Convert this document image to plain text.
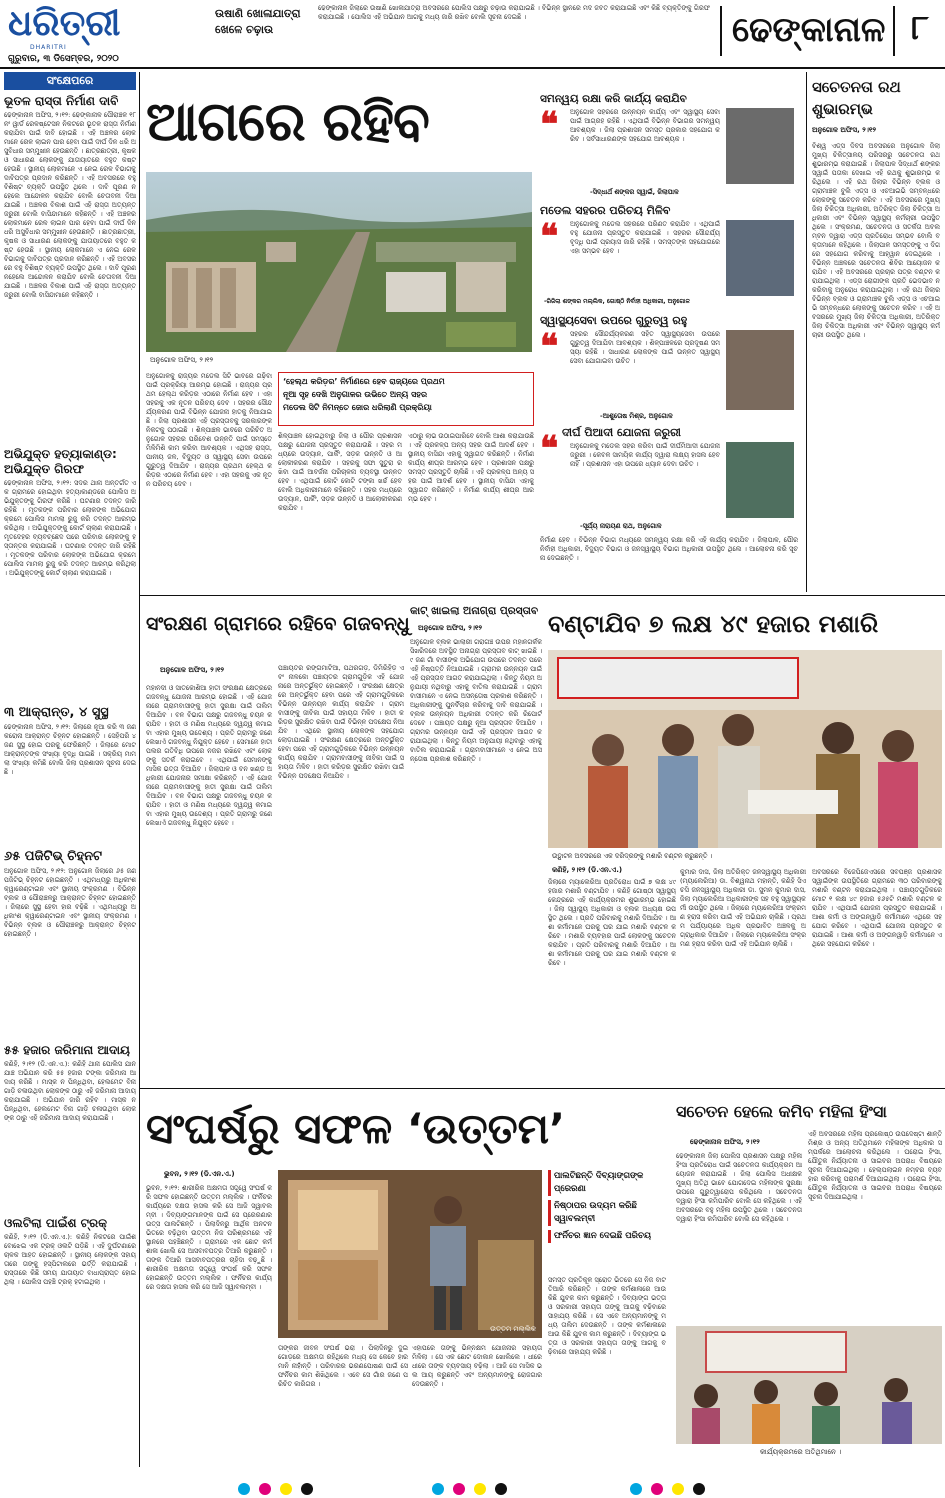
ଧରିତ୍ରୀ
DHARITRI
ଗୁରୁବାର, ୩ ଡିସେମ୍ବର, ୨୦୨୦
ଉଷାଣି ଖୋଳାଯାତ୍ରା ଖେଳେ ଚଢ଼ାଉ
ଢେଙ୍କାନାଳ ଜିଲାରେ ଉଷାଣି ଖୋଳାଯାତ୍ରା ଅବସରରେ ପୋଲିସ ପକ୍ଷରୁ ଚଢ଼ାଉ କରାଯାଇଛି । ବିଭିନ୍ନ ସ୍ଥାନରେ ମଦ ଜବତ କରାଯାଇଛି ଏବଂ କିଛି ବ୍ୟକ୍ତିଙ୍କୁ ଗିରଫ କରାଯାଇଛି । ପୋଲିସ ଏହି ଅଭିଯାନ ଆଗକୁ ମଧ୍ୟ ଜାରି ରଖିବ ବୋଲି ସୂଚନା ଦେଇଛି ।	ଢେଙ୍କାନାଳ ୮
ସଂକ୍ଷେପରେ
ଭୂତଳ ରାସ୍ତା ନିର୍ମାଣ ଦାବି
ଢେଙ୍କାନାଳ ଅଫିସ, ୨।୧୨: ଢେଙ୍କାନାଳ ପୌରାଞ୍ଚଳ ୧୮ ନଂ ୱାର୍ଡ ରେଳଷ୍ଟେସନ ନିକଟରେ ଭୂତଳ ରାସ୍ତା ନିର୍ମାଣ କରାଯିବା ପାଇଁ ଦାବି ହୋଇଛି । ଏହି ଅଞ୍ଚଳର ଲୋକମାନେ ରେଳ ଲାଇନ ପାର ହେବା ପାଇଁ ଦୀର୍ଘ ଦିନ ଧରି ଅସୁବିଧାର ସମ୍ମୁଖୀନ ହେଉଛନ୍ତି । ଛାତ୍ରଛାତ୍ରୀ, କୃଷକ ଓ ସାଧାରଣ ଲୋକଙ୍କୁ ଯାତାୟାତରେ ବହୁତ କଷ୍ଟ ହେଉଛି । ସ୍ଥାନୀୟ ଲୋକମାନେ ଏ ନେଇ ରେଳ ବିଭାଗକୁ ଦାବିପତ୍ର ପ୍ରଦାନ କରିଛନ୍ତି । ଏହି ଅବସରରେ ବହୁ ବିଶିଷ୍ଟ ବ୍ୟକ୍ତି ଉପସ୍ଥିତ ଥିଲେ । ଦାବି ପୂରଣ ନହେଲେ ଆନ୍ଦୋଳନ କରାଯିବ ବୋଲି ଚେତାବନୀ ଦିଆଯାଇଛି । ଅଞ୍ଚଳର ବିକାଶ ପାଇଁ ଏହି ରାସ୍ତା ଅତ୍ୟନ୍ତ ଜରୁରୀ ବୋଲି ବାସିନ୍ଦାମାନେ କହିଛନ୍ତି । ଏହି ଅଞ୍ଚଳର ଲୋକମାନେ ରେଳ ଲାଇନ ପାର ହେବା ପାଇଁ ଦୀର୍ଘ ଦିନ ଧରି ଅସୁବିଧାର ସମ୍ମୁଖୀନ ହେଉଛନ୍ତି । ଛାତ୍ରଛାତ୍ରୀ, କୃଷକ ଓ ସାଧାରଣ ଲୋକଙ୍କୁ ଯାତାୟାତରେ ବହୁତ କଷ୍ଟ ହେଉଛି । ସ୍ଥାନୀୟ ଲୋକମାନେ ଏ ନେଇ ରେଳ ବିଭାଗକୁ ଦାବିପତ୍ର ପ୍ରଦାନ କରିଛନ୍ତି । ଏହି ଅବସରରେ ବହୁ ବିଶିଷ୍ଟ ବ୍ୟକ୍ତି ଉପସ୍ଥିତ ଥିଲେ । ଦାବି ପୂରଣ ନହେଲେ ଆନ୍ଦୋଳନ କରାଯିବ ବୋଲି ଚେତାବନୀ ଦିଆଯାଇଛି । ଅଞ୍ଚଳର ବିକାଶ ପାଇଁ ଏହି ରାସ୍ତା ଅତ୍ୟନ୍ତ ଜରୁରୀ ବୋଲି ବାସିନ୍ଦାମାନେ କହିଛନ୍ତି ।
ଅଭିଯୁକ୍ତ ହତ୍ୟାକାଣ୍ଡ: ଅଭିଯୁକ୍ତ ଗିରଫ
ଢେଙ୍କାନାଳ ଅଫିସ, ୨।୧୨: ସଦର ଥାନା ଅନ୍ତର୍ଗତ ଏକ ଗ୍ରାମରେ ହୋଇଥିବା ହତ୍ୟାକାଣ୍ଡରେ ପୋଲିସ ଅଭିଯୁକ୍ତଙ୍କୁ ଗିରଫ କରିଛି । ଘଟଣାର ତଦନ୍ତ ଜାରି ରହିଛି । ମୃତକଙ୍କ ପରିବାର ଲୋକଙ୍କ ଅଭିଯୋଗ କ୍ରମେ ପୋଲିସ ମାମଲା ରୁଜୁ କରି ତଦନ୍ତ ଆରମ୍ଭ କରିଥିଲା । ଅଭିଯୁକ୍ତଙ୍କୁ କୋର୍ଟ ଚାଲାଣ କରାଯାଇଛି । ମୃତଦେହର ବ୍ୟବଚ୍ଛେଦ ପରେ ପରିବାର ଲୋକଙ୍କୁ ହସ୍ତାନ୍ତର କରାଯାଇଛି । ଘଟଣାର ତଦନ୍ତ ଜାରି ରହିଛି । ମୃତକଙ୍କ ପରିବାର ଲୋକଙ୍କ ଅଭିଯୋଗ କ୍ରମେ ପୋଲିସ ମାମଲା ରୁଜୁ କରି ତଦନ୍ତ ଆରମ୍ଭ କରିଥିଲା । ଅଭିଯୁକ୍ତଙ୍କୁ କୋର୍ଟ ଚାଲାଣ କରାଯାଇଛି ।
୩ ଆକ୍ରାନ୍ତ, ୪ ସୁସ୍ଥ
ଢେଙ୍କାନାଳ ଅଫିସ, ୨।୧୨: ଜିଲାରେ ନୂଆ କରି ୩ ଜଣ କରୋନା ଆକ୍ରାନ୍ତ ଚିହ୍ନଟ ହୋଇଛନ୍ତି । ସେହିପରି ୪ ଜଣ ସୁସ୍ଥ ହୋଇ ଘରକୁ ଫେରିଛନ୍ତି । ଜିଲାରେ ମୋଟ ଆକ୍ରାନ୍ତଙ୍କ ସଂଖ୍ୟା ବୃଦ୍ଧି ପାଇଛି । ସକ୍ରିୟ ମାମଲା ସଂଖ୍ୟା କମିଛି ବୋଲି ଜିଲା ପ୍ରଶାସନ ସୂଚନା ଦେଇଛି ।
୬୫ ପଜିଟିଭ୍ ଚିହ୍ନଟ
ଅନୁଗୋଳ ଅଫିସ, ୨।୧୨: ଅନୁଗୋଳ ଜିଲାରେ ୬୫ ଜଣ ପଜିଟିଭ୍ ଚିହ୍ନଟ ହୋଇଛନ୍ତି । ଏଥିମଧ୍ୟରୁ ଅଧିକାଂଶ କ୍ୱାରେଣ୍ଟାଇନ ଏବଂ ସ୍ଥାନୀୟ ସଂକ୍ରମଣ । ବିଭିନ୍ନ ବ୍ଲକ ଓ ପୌରାଞ୍ଚଳରୁ ଆକ୍ରାନ୍ତ ଚିହ୍ନଟ ହୋଇଛନ୍ତି । ଜିଲାରେ ସୁସ୍ଥ ହେବା ହାର ବଢ଼ିଛି । ଏଥିମଧ୍ୟରୁ ଅଧିକାଂଶ କ୍ୱାରେଣ୍ଟାଇନ ଏବଂ ସ୍ଥାନୀୟ ସଂକ୍ରମଣ । ବିଭିନ୍ନ ବ୍ଲକ ଓ ପୌରାଞ୍ଚଳରୁ ଆକ୍ରାନ୍ତ ଚିହ୍ନଟ ହୋଇଛନ୍ତି ।
୫୫ ହଜାର ଜରିମାନା ଆଦାୟ
କଣିହି, ୨।୧୨ (ଡି.ଏନ.ଏ.): କଣିହି ଥାନା ପୋଲିସ ଯାନ ଯାଞ୍ଚ ଅଭିଯାନ କରି ୫୫ ହଜାର ଟଙ୍କା ଜରିମାନା ଆଦାୟ କରିଛି । ମାସ୍କ ନ ପିନ୍ଧିଥିବା, ହେଲମେଟ ବିନା ଗାଡ଼ି ଚଳାଉଥିବା ଲୋକଙ୍କ ଠାରୁ ଏହି ଜରିମାନା ଆଦାୟ କରାଯାଇଛି । ଅଭିଯାନ ଜାରି ରହିବ । ମାସ୍କ ନ ପିନ୍ଧିଥିବା, ହେଲମେଟ ବିନା ଗାଡ଼ି ଚଳାଉଥିବା ଲୋକଙ୍କ ଠାରୁ ଏହି ଜରିମାନା ଆଦାୟ କରାଯାଇଛି ।
ଓଲଟିଲା ପାଇଁଶ ଟ୍ରକ୍
କଣିହି, ୨।୧୨ (ଡି.ଏନ.ଏ.): କଣିହି ନିକଟରେ ପାଇଁଶ ବୋଝେଇ ଏକ ଟ୍ରକ୍ ଓଲଟି ପଡ଼ିଛି । ଏହି ଦୁର୍ଘଟଣାରେ ଚାଳକ ଆହତ ହୋଇଛନ୍ତି । ସ୍ଥାନୀୟ ଲୋକଙ୍କ ସହାୟତାରେ ତାଙ୍କୁ ହସ୍ପିଟାଲରେ ଭର୍ତ୍ତି କରାଯାଇଛି । ରାସ୍ତାରେ କିଛି ସମୟ ଯାତାୟାତ ବାଧାପ୍ରାପ୍ତ ହୋଇଥିଲା । ପୋଲିସ ପହଞ୍ଚି ଟ୍ରକ୍ ହଟାଇଥିଲା ।
ଆଗରେ ରହିବ
ଅନୁଗୋଳ ଅଫିସ, ୨।୧୨
ଅନୁଗୋଳକୁ ରାଜ୍ୟର ମଡେଲ ସିଟି ଭାବରେ ଗଢ଼ିବା ପାଇଁ ପ୍ରକ୍ରିୟା ଆରମ୍ଭ ହୋଇଛି । ରାଜ୍ୟର ପ୍ରଥମ ହେଲ୍‌ଥ କରିଡ଼ର ଏଠାରେ ନିର୍ମାଣ ହେବ । ଏହା ସହରକୁ ଏକ ନୂତନ ପରିଚୟ ଦେବ । ସହରର ସୌନ୍ଦର୍ଯ୍ୟକରଣ ପାଇଁ ବିଭିନ୍ନ ଯୋଜନା ହାତକୁ ନିଆଯାଇଛି । ଜିଲା ପ୍ରଶାସନ ଏହି ପ୍ରସ୍ତାବକୁ ସରକାରଙ୍କ ନିକଟକୁ ପଠାଇଛି । ଶିଳ୍ପାଞ୍ଚଳ ଭାବରେ ପରିଚିତ ଅନୁଗୋଳ ସହରର ପରିବେଶ ଉନ୍ନତି ପାଇଁ ସମସ୍ତେ ମିଳିମିଶି କାମ କରିବା ଆବଶ୍ୟକ । ଏଥିସହ ରାସ୍ତା, ପାନୀୟ ଜଳ, ବିଦ୍ୟୁତ ଓ ସ୍ୱାସ୍ଥ୍ୟ ସେବା ଉପରେ ଗୁରୁତ୍ୱ ଦିଆଯିବ । ରାଜ୍ୟର ପ୍ରଥମ ହେଲ୍‌ଥ କରିଡ଼ର ଏଠାରେ ନିର୍ମାଣ ହେବ । ଏହା ସହରକୁ ଏକ ନୂତନ ପରିଚୟ ଦେବ ।
‘ହେଲ୍‌ଥ କରିଡ଼ର’ ନିର୍ମାଣରେ ହେବ ରାଜ୍ୟରେ ପ୍ରଥମ
ନୂଆ ସୃହ ଦେଖି ଅନୁଗାଳର ଉଭିତେ ଅନ୍ୟ ସହର
ମଡେଲ ସିଟି ନିମନ୍ତେ ଜୋର ଧରିଲାଣି ପ୍ରକ୍ରିୟା
ଶିଳ୍ପାଞ୍ଚଳ ହୋଇଥିବାରୁ ଜିଲା ଓ ପୌର ପ୍ରଶାସନ ପକ୍ଷରୁ ଯୋଜନା ପ୍ରସ୍ତୁତ କରାଯାଉଛି । ସହର ମଧ୍ୟରେ ଉଦ୍ୟାନ, ପାର୍କିଂ, ସଡ଼କ ଉନ୍ନତି ଓ ଆଲୋକୀକରଣ କରାଯିବ । ସହରକୁ ସଫା ସୁତୁରା ରଖିବା ପାଇଁ ଆବର୍ଜନା ପରିଚାଳନା ବ୍ୟବସ୍ଥା ଉନ୍ନତ ହେବ । ଏଥିପାଇଁ କୋଟି କୋଟି ଟଙ୍କା ଖର୍ଚ୍ଚ ହେବ ବୋଲି ଅଧିକାରୀମାନେ କହିଛନ୍ତି । ସହର ମଧ୍ୟରେ ଉଦ୍ୟାନ, ପାର୍କିଂ, ସଡ଼କ ଉନ୍ନତି ଓ ଆଲୋକୀକରଣ କରାଯିବ ।
ଏଠାରୁ ଲାଭ ଉଠାଇପାରିବେ ବୋଲି ଆଶା କରାଯାଉଛି । ଏହି ପ୍ରକଳ୍ପ ଅନ୍ୟ ସହର ପାଇଁ ଆଦର୍ଶ ହେବ । ସ୍ଥାନୀୟ ବାସିନ୍ଦା ଏହାକୁ ସ୍ୱାଗତ କରିଛନ୍ତି । ନିର୍ମାଣ କାର୍ଯ୍ୟ ଶୀଘ୍ର ଆରମ୍ଭ ହେବ । ପ୍ରଶାସନ ପକ୍ଷରୁ ସମସ୍ତ ପ୍ରସ୍ତୁତି ଚାଲିଛି । ଏହି ପ୍ରକଳ୍ପ ଅନ୍ୟ ସହର ପାଇଁ ଆଦର୍ଶ ହେବ । ସ୍ଥାନୀୟ ବାସିନ୍ଦା ଏହାକୁ ସ୍ୱାଗତ କରିଛନ୍ତି । ନିର୍ମାଣ କାର୍ଯ୍ୟ ଶୀଘ୍ର ଆରମ୍ଭ ହେବ ।
ନିର୍ମାଣ ହେବ । ବିଭିନ୍ନ ବିଭାଗ ମଧ୍ୟରେ ସମନ୍ୱୟ ରକ୍ଷା କରି ଏହି କାର୍ଯ୍ୟ କରାଯିବ । ଜିଲାପାଳ, ପୌର ନିର୍ବାହୀ ଅଧିକାରୀ, ବିଦ୍ୟୁତ ବିଭାଗ ଓ ଜନସ୍ୱାସ୍ଥ୍ୟ ବିଭାଗ ଅଧିକାରୀ ଉପସ୍ଥିତ ଥିଲେ । ଆଲୋଚନା କରି ସୂଚନା ଦେଇଛନ୍ତି ।
ସମନ୍ୱୟ ରକ୍ଷା କରି କାର୍ଯ୍ୟ କରାଯିବ
❝ ଅନୁଗୋଳ ସହରରେ ଉନ୍ନୟନ କାର୍ଯ୍ୟ ଏବଂ ସ୍ୱାସ୍ଥ୍ୟ ସେବା ପାଇଁ ଆଗ୍ରହ ରହିଛି । ଏଥିପାଇଁ ବିଭିନ୍ନ ବିଭାଗର ସମନ୍ୱୟ ଆବଶ୍ୟକ । ଜିଲା ପ୍ରଶାସନ ସମସ୍ତ ପ୍ରକାର ସହଯୋଗ କରିବ । ସର୍ବସାଧାରଣଙ୍କ ସହଯୋଗ ଆବଶ୍ୟକ ।
-ସିଦ୍ଧାର୍ଥ ଶଙ୍କର ସ୍ୱାଇଁ, ଜିଲାପାଳ
ମଡେଲ ସହରର ପରିଚୟ ମିଳିବ
❝ ଅନୁଗୋଳକୁ ମଡେଲ ସହରରେ ପରିଣତ କରାଯିବ । ଏଥିପାଇଁ ବହୁ ଯୋଜନା ପ୍ରସ୍ତୁତ କରାଯାଇଛି । ସହରର ସୌନ୍ଦର୍ଯ୍ୟ ବୃଦ୍ଧି ପାଇଁ ପ୍ରୟାସ ଜାରି ରହିଛି । ସମସ୍ତଙ୍କ ସହଯୋଗରେ ଏହା ସମ୍ଭବ ହେବ ।
-ରିଜିଲା ଶଙ୍କର ମଲ୍ଲିକ, ଗୋଷ୍ଠି ନିର୍ବାହୀ ଅଧିକାରୀ, ଅନୁଗୋଳ
ସ୍ୱାସ୍ଥ୍ୟସେବା ଉପରେ ଗୁରୁତ୍ୱ ରହୁ
❝ ସହରର ସୌନ୍ଦର୍ଯ୍ୟକରଣ ସହିତ ସ୍ୱାସ୍ଥ୍ୟସେବା ଉପରେ ଗୁରୁତ୍ୱ ଦିଆଯିବା ଆବଶ୍ୟକ । ଶିଳ୍ପାଞ୍ଚଳରେ ପ୍ରଦୂଷଣ ସମସ୍ୟା ରହିଛି । ସାଧାରଣ ଲୋକଙ୍କ ପାଇଁ ଉନ୍ନତ ସ୍ୱାସ୍ଥ୍ୟସେବା ଯୋଗାଇବା ଉଚିତ ।
-ଆଶୁତୋଷ ମିଶ୍ର, ଅନୁଗୋଳ
ଦୀର୍ଘ ପିଆଦୀ ଯୋଜନା ଜରୁରୀ
❝ ଅନୁଗୋଳକୁ ମଡେଲ ସହର କରିବା ପାଇଁ ଦୀର୍ଘମିଆଦୀ ଯୋଜନା ଜରୁରୀ । କେବଳ ସାମୟିକ କାର୍ଯ୍ୟ ଦ୍ୱାରା ଲକ୍ଷ୍ୟ ହାସଲ ହେବ ନାହିଁ । ପ୍ରଶାସନ ଏହା ଉପରେ ଧ୍ୟାନ ଦେବା ଉଚିତ ।
-ସୂର୍ଯ୍ୟ ନାରାୟଣ ରାଥ, ଅନୁଗୋଳ
ସଚେତନତା ରଥ ଶୁଭାରମ୍ଭ
ଅନୁଗୋଳ ଅଫିସ, ୨।୧୨
ବିଶ୍ୱ ଏଡ୍ସ ଦିବସ ଅବସରରେ ଅନୁଗୋଳ ଜିଲା ମୁଖ୍ୟ ଚିକିତ୍ସାଳୟ ପରିସରରୁ ସଚେତନତା ରଥ ଶୁଭାରମ୍ଭ କରାଯାଇଛି । ଜିଲାପାଳ ସିଦ୍ଧାର୍ଥ ଶଙ୍କର ସ୍ୱାଇଁ ପତାକା ଦେଖାଇ ଏହି ରଥକୁ ଶୁଭାରମ୍ଭ କରିଥିଲେ । ଏହି ରଥ ଜିଲାର ବିଭିନ୍ନ ବ୍ଲକ ଓ ଗ୍ରାମାଞ୍ଚଳ ବୁଲି ଏଡ୍ସ ଓ ଏଚଆଇଭି ସମ୍ବନ୍ଧରେ ଲୋକଙ୍କୁ ସଚେତନ କରିବ । ଏହି ଅବସରରେ ମୁଖ୍ୟ ଜିଲା ଚିକିତ୍ସା ଅଧିକାରୀ, ଅତିରିକ୍ତ ଜିଲା ଚିକିତ୍ସା ଅଧିକାରୀ ଏବଂ ବିଭିନ୍ନ ସ୍ୱାସ୍ଥ୍ୟ କର୍ମଚାରୀ ଉପସ୍ଥିତ ଥିଲେ । ସଂକ୍ରମଣ, ସଚେତନତା ଓ ସତର୍କତା ଅବଲମ୍ବନ ଦ୍ୱାରା ଏଡ୍ସ ପ୍ରତିରୋଧ ସମ୍ଭବ ବୋଲି ବକ୍ତାମାନେ କହିଥିଲେ । ଜିଲାପାଳ ସମସ୍ତଙ୍କୁ ଏ ଦିଗରେ ସହଯୋଗ କରିବାକୁ ଆହ୍ୱାନ ଦେଇଥିଲେ । ବିଭିନ୍ନ ଅଞ୍ଚଳରେ ସଚେତନତା ଶିବିର ଆୟୋଜନ କରାଯିବ । ଏହି ଅବସରରେ ପ୍ରଚାର ପତ୍ର ବଣ୍ଟନ କରାଯାଇଥିଲା । ଏଡ୍ସ ରୋଗୀଙ୍କ ପ୍ରତି ଭେଦଭାବ ନକରିବାକୁ ଅନୁରୋଧ କରାଯାଇଥିଲା । ଏହି ରଥ ଜିଲାର ବିଭିନ୍ନ ବ୍ଲକ ଓ ଗ୍ରାମାଞ୍ଚଳ ବୁଲି ଏଡ୍ସ ଓ ଏଚଆଇଭି ସମ୍ବନ୍ଧରେ ଲୋକଙ୍କୁ ସଚେତନ କରିବ । ଏହି ଅବସରରେ ମୁଖ୍ୟ ଜିଲା ଚିକିତ୍ସା ଅଧିକାରୀ, ଅତିରିକ୍ତ ଜିଲା ଚିକିତ୍ସା ଅଧିକାରୀ ଏବଂ ବିଭିନ୍ନ ସ୍ୱାସ୍ଥ୍ୟ କର୍ମଚାରୀ ଉପସ୍ଥିତ ଥିଲେ ।
ସଂରକ୍ଷଣ ଗ୍ରାମରେ ରହିବେ ଗଜବନ୍ଧୁ
ଅନୁଗୋଳ ଅଫିସ, ୨।୧୨
ମହାନଦୀ ଓ ସାତକୋଶିଆ ହାତୀ ସଂରକ୍ଷଣ କ୍ଷେତ୍ରରେ ଗଜବନ୍ଧୁ ଯୋଜନା ଆରମ୍ଭ ହୋଇଛି । ଏହି ଯୋଜନାରେ ଗ୍ରାମବାସୀଙ୍କୁ ହାତୀ ସୁରକ୍ଷା ପାଇଁ ତାଲିମ ଦିଆଯିବ । ବନ ବିଭାଗ ପକ୍ଷରୁ ଗଜବନ୍ଧୁ ଚୟନ କରାଯିବ । ହାତୀ ଓ ମଣିଷ ମଧ୍ୟରେ ଦ୍ୱନ୍ଦ୍ୱ କମାଇବା ଏହାର ମୁଖ୍ୟ ଉଦ୍ଦେଶ୍ୟ । ପ୍ରତି ଗ୍ରାମରୁ ଜଣେ ଲେଖାଏଁ ଗଜବନ୍ଧୁ ନିଯୁକ୍ତ ହେବେ । ସେମାନେ ହାତୀ ପଲର ଗତିବିଧି ଉପରେ ନଜର ରଖିବେ ଏବଂ ଲୋକଙ୍କୁ ସତର୍କ କରାଇବେ । ଏଥିପାଇଁ ସେମାନଙ୍କୁ ମାସିକ ଭତ୍ତା ଦିଆଯିବ । ଜିଲାପାଳ ଓ ବନ ଖଣ୍ଡ ଅଧିକାରୀ ଯୋଜନାର ସମୀକ୍ଷା କରିଛନ୍ତି । ଏହି ଯୋଜନାରେ ଗ୍ରାମବାସୀଙ୍କୁ ହାତୀ ସୁରକ୍ଷା ପାଇଁ ତାଲିମ ଦିଆଯିବ । ବନ ବିଭାଗ ପକ୍ଷରୁ ଗଜବନ୍ଧୁ ଚୟନ କରାଯିବ । ହାତୀ ଓ ମଣିଷ ମଧ୍ୟରେ ଦ୍ୱନ୍ଦ୍ୱ କମାଇବା ଏହାର ମୁଖ୍ୟ ଉଦ୍ଦେଶ୍ୟ । ପ୍ରତି ଗ୍ରାମରୁ ଜଣେ ଲେଖାଏଁ ଗଜବନ୍ଧୁ ନିଯୁକ୍ତ ହେବେ ।
ପଞ୍ଚାୟତର ରଙ୍ଗମାଟିଆ, ପଥରଗଡ଼, ଡିମିରିହିଡ଼ ଏବଂ ନାଳକୋ ପଞ୍ଚାୟତର ଗ୍ରାମଗୁଡ଼ିକ ଏହି ଯୋଜନାରେ ଅନ୍ତର୍ଭୁକ୍ତ ହୋଇଛନ୍ତି । ସଂରକ୍ଷଣ କ୍ଷେତ୍ରରେ ଅନ୍ତର୍ଭୁକ୍ତ ହେବା ପରେ ଏହି ଗ୍ରାମଗୁଡ଼ିକରେ ବିଭିନ୍ନ ଉନ୍ନୟନ କାର୍ଯ୍ୟ କରାଯିବ । ଗ୍ରାମବାସୀଙ୍କୁ ଜୀବିକା ପାଇଁ ସହାୟତା ମିଳିବ । ହାତୀ କରିଡ଼ର ସୁରକ୍ଷିତ ରଖିବା ପାଇଁ ବିଭିନ୍ନ ପଦକ୍ଷେପ ନିଆଯିବ । ଏଥିରେ ସ୍ଥାନୀୟ ଲୋକଙ୍କ ସହଯୋଗ ଲୋଡ଼ାଯାଇଛି । ସଂରକ୍ଷଣ କ୍ଷେତ୍ରରେ ଅନ୍ତର୍ଭୁକ୍ତ ହେବା ପରେ ଏହି ଗ୍ରାମଗୁଡ଼ିକରେ ବିଭିନ୍ନ ଉନ୍ନୟନ କାର୍ଯ୍ୟ କରାଯିବ । ଗ୍ରାମବାସୀଙ୍କୁ ଜୀବିକା ପାଇଁ ସହାୟତା ମିଳିବ । ହାତୀ କରିଡ଼ର ସୁରକ୍ଷିତ ରଖିବା ପାଇଁ ବିଭିନ୍ନ ପଦକ୍ଷେପ ନିଆଯିବ ।
କାଟ୍ ଖାଇଲା ଅନାଗ୍ରା ପ୍ରସ୍ତାବ
ଅନୁଗୋଳ ଅଫିସ, ୨।୧୨
ଅନୁଗୋଳ ବ୍ଲକ ଭାଲାରୀ ଗରାଗଞ୍ଚ ଉପର ମହାନଗର୍କକ ସିଖରିଦରେ ଅବସ୍ଥିତ ଅନାଗ୍ରା ପ୍ରସ୍ତାବ କାଟ୍ ଖାଇଛି । ୯ ଜଣ ଗାଁ ବାସୀଙ୍କ ଅଭିଯୋଗ ଉପରେ ତଦନ୍ତ ପରେ ଏହି ନିଷ୍ପତ୍ତି ନିଆଯାଇଛି । ଗ୍ରାମର ଉନ୍ନୟନ ପାଇଁ ଏହି ପ୍ରସ୍ତାବ ଆଗତ କରାଯାଇଥିଲା । କିନ୍ତୁ ନିୟମ ଅନୁଯାୟୀ ନଥିବାରୁ ଏହାକୁ ବାତିଲ କରାଯାଇଛି । ଗ୍ରାମବାସୀମାନେ ଏ ନେଇ ଅସନ୍ତୋଷ ପ୍ରକାଶ କରିଛନ୍ତି । ଅଧିକାରୀଙ୍କୁ ପୁନର୍ବିଚାର କରିବାକୁ ଦାବି କରାଯାଇଛି । ବ୍ଲକ ଉନ୍ନୟନ ଅଧିକାରୀ ତଦନ୍ତ କରି ରିପୋର୍ଟ ଦେବେ । ପଞ୍ଚାୟତ ପକ୍ଷରୁ ନୂଆ ପ୍ରସ୍ତାବ ଦିଆଯିବ । ଗ୍ରାମର ଉନ୍ନୟନ ପାଇଁ ଏହି ପ୍ରସ୍ତାବ ଆଗତ କରାଯାଇଥିଲା । କିନ୍ତୁ ନିୟମ ଅନୁଯାୟୀ ନଥିବାରୁ ଏହାକୁ ବାତିଲ କରାଯାଇଛି । ଗ୍ରାମବାସୀମାନେ ଏ ନେଇ ଅସନ୍ତୋଷ ପ୍ରକାଶ କରିଛନ୍ତି ।
ବଣ୍ଟାଯିବ ୭ ଲକ୍ଷ ୪୯ ହଜାର ମଶାରି
ଉଦ୍ଘାଟନ ଅବସରରେ ଏକ ଦରିଦ୍ରଙ୍କୁ ମଶାରି ବଣ୍ଟନ କରୁଛନ୍ତି ।
କଣିହି, ୨।୧୨ (ଡି.ଏନ.ଏ.)
ଜିଲାରେ ମ୍ୟାଲେରିଆ ପ୍ରତିରୋଧ ପାଇଁ ୭ ଲକ୍ଷ ୪୯ ହଜାର ମଶାରି ବଣ୍ଟାଯିବ । କଣିହି ଗୋଷ୍ଠୀ ସ୍ୱାସ୍ଥ୍ୟକେନ୍ଦ୍ରରେ ଏହି କାର୍ଯ୍ୟକ୍ରମର ଶୁଭାରମ୍ଭ ହୋଇଛି । ଜିଲା ସ୍ୱାସ୍ଥ୍ୟ ଅଧିକାରୀ ଓ ବ୍ଲକ ଅଧ୍ୟକ୍ଷ ଉପସ୍ଥିତ ଥିଲେ । ପ୍ରତି ପରିବାରକୁ ମଶାରି ଦିଆଯିବ । ଆଶା କର୍ମୀମାନେ ଘରକୁ ଘର ଯାଇ ମଶାରି ବଣ୍ଟନ କରିବେ । ମଶାରି ବ୍ୟବହାର ପାଇଁ ଲୋକଙ୍କୁ ସଚେତନ କରାଯିବ । ପ୍ରତି ପରିବାରକୁ ମଶାରି ଦିଆଯିବ । ଆଶା କର୍ମୀମାନେ ଘରକୁ ଘର ଯାଇ ମଶାରି ବଣ୍ଟନ କରିବେ ।
କୁମାର ଦାସ, ଜିଲା ଅତିରିକ୍ତ ଜନସ୍ୱାସ୍ଥ୍ୟ ଅଧିକାରୀ (ମ୍ୟାଲେରିଆ) ଡା. ବିଶ୍ୱନାଥ ମହାନ୍ତି, କଣିହି ସିଏଚସି ଜନସ୍ୱାସ୍ଥ୍ୟ ଅଧିକାରୀ ଡା. ସୁମନ କୁମାର ଦାସ, ଜିଲା ମ୍ୟାଲେରିଆ ଅଧିକାରୀଙ୍କ ସହ ବହୁ ସ୍ୱାସ୍ଥ୍ୟକର୍ମୀ ଉପସ୍ଥିତ ଥିଲେ । ଜିଲାରେ ମ୍ୟାଲେରିଆ ସଂକ୍ରମଣ ହ୍ରାସ କରିବା ପାଇଁ ଏହି ଅଭିଯାନ ଚାଲିଛି । ପ୍ରଥମ ପର୍ଯ୍ୟାୟରେ ଅଧିକ ପ୍ରଭାବିତ ଅଞ୍ଚଳକୁ ଅଗ୍ରାଧିକାର ଦିଆଯିବ । ଜିଲାରେ ମ୍ୟାଲେରିଆ ସଂକ୍ରମଣ ହ୍ରାସ କରିବା ପାଇଁ ଏହି ଅଭିଯାନ ଚାଲିଛି ।
ଅବସରରେ ବିଜେପିଜେଏସରେ ସବପଞ୍ଜ ପ୍ରଶାସକ ସ୍ୱାଇଁଙ୍କ ଉପସ୍ଥିତିରେ ଗ୍ରାମରେ ୩୦ ପରିବାରଙ୍କୁ ମଶାରି ବଣ୍ଟନ କରାଯାଇଥିଲା । ପଞ୍ଚାୟତଗୁଡ଼ିକରେ ମୋଟ ୧ ଲକ୍ଷ ୪୯ ହଜାର ୫୬୫ଟି ମଶାରି ବଣ୍ଟନ କରାଯିବ । ଏଥିପାଇଁ ଯୋଜନା ପ୍ରସ୍ତୁତ କରାଯାଇଛି । ଆଶା କର୍ମୀ ଓ ଅଙ୍ଗନୱାଡ଼ି କର୍ମୀମାନେ ଏଥିରେ ସହଯୋଗ କରିବେ । ଏଥିପାଇଁ ଯୋଜନା ପ୍ରସ୍ତୁତ କରାଯାଇଛି । ଆଶା କର୍ମୀ ଓ ଅଙ୍ଗନୱାଡ଼ି କର୍ମୀମାନେ ଏଥିରେ ସହଯୋଗ କରିବେ ।
ସଂଘର୍ଷରୁ ସଫଳ ‘ଉତ୍ତମ’
ଭୁବନ, ୨।୧୨ (ଡି.ଏନ.ଏ.)
ଭୁବନ, ୨।୧୨: ଶାରୀରିକ ଅକ୍ଷମତା ସତ୍ତ୍ୱେ ସଂଘର୍ଷ କରି ସଫଳ ହୋଇଛନ୍ତି ଉତ୍ତମ ମଲ୍ଲିକ । ଫର୍ନିଚର କାର୍ଯ୍ୟରେ ଦକ୍ଷତା ହାସଲ କରି ସେ ଆଜି ସ୍ୱାବଲମ୍ବୀ । ଦିବ୍ୟାଙ୍ଗମାନଙ୍କ ପାଇଁ ସେ ପ୍ରେରଣାର ଉତ୍ସ ପାଲଟିଛନ୍ତି । ପିଲାଦିନରୁ ଆର୍ଥିକ ଅନଟନ ଭିତରେ ବଢ଼ିଥିବା ଉତ୍ତମ ନିଜ ପରିଶ୍ରମରେ ଏହି ସ୍ଥାନରେ ପହଞ୍ଚିଛନ୍ତି । ଗ୍ରାମରେ ଏକ ଛୋଟ କର୍ମଶାଳା ଖୋଲି ସେ ଆସବାବପତ୍ର ତିଆରି କରୁଛନ୍ତି । ତାଙ୍କ ତିଆରି ଆସବାବପତ୍ରର ଚାହିଦା ବଢ଼ୁଛି । ଶାରୀରିକ ଅକ୍ଷମତା ସତ୍ତ୍ୱେ ସଂଘର୍ଷ କରି ସଫଳ ହୋଇଛନ୍ତି ଉତ୍ତମ ମଲ୍ଲିକ । ଫର୍ନିଚର କାର୍ଯ୍ୟରେ ଦକ୍ଷତା ହାସଲ କରି ସେ ଆଜି ସ୍ୱାବଲମ୍ବୀ ।
ଉତ୍ତମ ମଲ୍ଲିକ
ପାଲଟିଛନ୍ତି ଦିବ୍ୟାଙ୍ଗଙ୍କ ପ୍ରେରଣା
ନିଷ୍ଠାପର ଉଦ୍ୟମ କରିଛି ସ୍ୱାବଲମ୍ବୀ
ଫର୍ନିଚର ଜ୍ଞାନ ଦେଇଛି ପରିଚୟ
ସମସ୍ତ ପ୍ରତିକୂଳ ସ୍ରୋତ ଭିତରେ ସେ ନିଜ ବାଟ ତିଆରି କରିଛନ୍ତି । ତାଙ୍କ କର୍ମଶାଳାରେ ଆଉ କିଛି ଯୁବକ କାମ କରୁଛନ୍ତି । ଦିବ୍ୟାଙ୍ଗ ଭତ୍ତା ଓ ସରକାରୀ ସହାୟତା ତାଙ୍କୁ ଆଗକୁ ବଢ଼ିବାରେ ସାହାଯ୍ୟ କରିଛି । ସେ ଏବେ ଅନ୍ୟମାନଙ୍କୁ ମଧ୍ୟ ତାଲିମ ଦେଉଛନ୍ତି । ତାଙ୍କ କର୍ମଶାଳାରେ ଆଉ କିଛି ଯୁବକ କାମ କରୁଛନ୍ତି । ଦିବ୍ୟାଙ୍ଗ ଭତ୍ତା ଓ ସରକାରୀ ସହାୟତା ତାଙ୍କୁ ଆଗକୁ ବଢ଼ିବାରେ ସାହାଯ୍ୟ କରିଛି ।
ତାଙ୍କର ଜୀବନ ସଂଘର୍ଷ ଭରା । ପିଲାଦିନରୁ ଦୁଇ ଗୋଡ଼ରେ ଅକ୍ଷମତା ରହିଥିଲେ ମଧ୍ୟ ସେ କେବେ ହାର ମାନି ନାହାଁନ୍ତି । ପରିବାରର ଭରଣପୋଷଣ ପାଇଁ ସେ ଫର୍ନିଚର କାମ ଶିଖିଥିଲେ । ଏବେ ସେ ଗାଁର ଜଣେ ପରିଚିତ କାରିଗର ।
ଏହାପରେ ତାଙ୍କୁ ଭିନ୍ନକ୍ଷମ ଯୋଜନାର ସହାୟତା ମିଳିଲା । ସେ ଏକ ଛୋଟ ଦୋକାନ ଖୋଲିଲେ । ଧୀରେ ଧୀରେ ତାଙ୍କ ବ୍ୟବସାୟ ବଢ଼ିଲା । ଆଜି ସେ ମାସିକ ଭଲ ଆୟ କରୁଛନ୍ତି ଏବଂ ଅନ୍ୟମାନଙ୍କୁ ରୋଜଗାର ଦେଉଛନ୍ତି ।
ସଚେତନ ହେଲେ କମିବ ମହିଳା ହିଂସା
ଢେଙ୍କାନାଳ ଅଫିସ, ୨।୧୨
ଢେଙ୍କାନାଳ ଜିଲା ପୋଲିସ ପ୍ରଶାସନ ପକ୍ଷରୁ ମହିଳା ହିଂସା ପ୍ରତିରୋଧ ପାଇଁ ସଚେତନତା କାର୍ଯ୍ୟକ୍ରମ ଆୟୋଜନ କରାଯାଇଛି । ଜିଲା ପୋଲିସ ଅଧୀକ୍ଷକ ମୁଖ୍ୟ ଅତିଥି ଭାବେ ଯୋଗଦେଇ ମହିଳାଙ୍କ ସୁରକ୍ଷା ଉପରେ ଗୁରୁତ୍ୱାରୋପ କରିଥିଲେ । ସଚେତନତା ଦ୍ୱାରା ହିଂସା କମିପାରିବ ବୋଲି ସେ କହିଥିଲେ । ଏହି ଅବସରରେ ବହୁ ମହିଳା ଉପସ୍ଥିତ ଥିଲେ । ସଚେତନତା ଦ୍ୱାରା ହିଂସା କମିପାରିବ ବୋଲି ସେ କହିଥିଲେ ।
ଏହି ଅବସରରେ ମହିଳା ପ୍ରକୋଷ୍ଠ ଉପଦେଷ୍ଟା ଶାନ୍ତି ମିଶ୍ର ଓ ଅନ୍ୟ ଅତିଥିମାନେ ମହିଳାଙ୍କ ଅଧିକାର ସମ୍ପର୍କରେ ଆଲୋଚନା କରିଥିଲେ । ଘରୋଇ ହିଂସା, ଯୌତୁକ ନିର୍ଯ୍ୟାତନା ଓ ସାଇବର ଅପରାଧ ବିଷୟରେ ସୂଚନା ଦିଆଯାଇଥିଲା । ହେଲ୍ପଲାଇନ ନମ୍ବର ବ୍ୟବହାର କରିବାକୁ ପରାମର୍ଶ ଦିଆଯାଇଥିଲା । ଘରୋଇ ହିଂସା, ଯୌତୁକ ନିର୍ଯ୍ୟାତନା ଓ ସାଇବର ଅପରାଧ ବିଷୟରେ ସୂଚନା ଦିଆଯାଇଥିଲା ।
କାର୍ଯ୍ୟକ୍ରମରେ ଅତିଥିମାନେ ।
